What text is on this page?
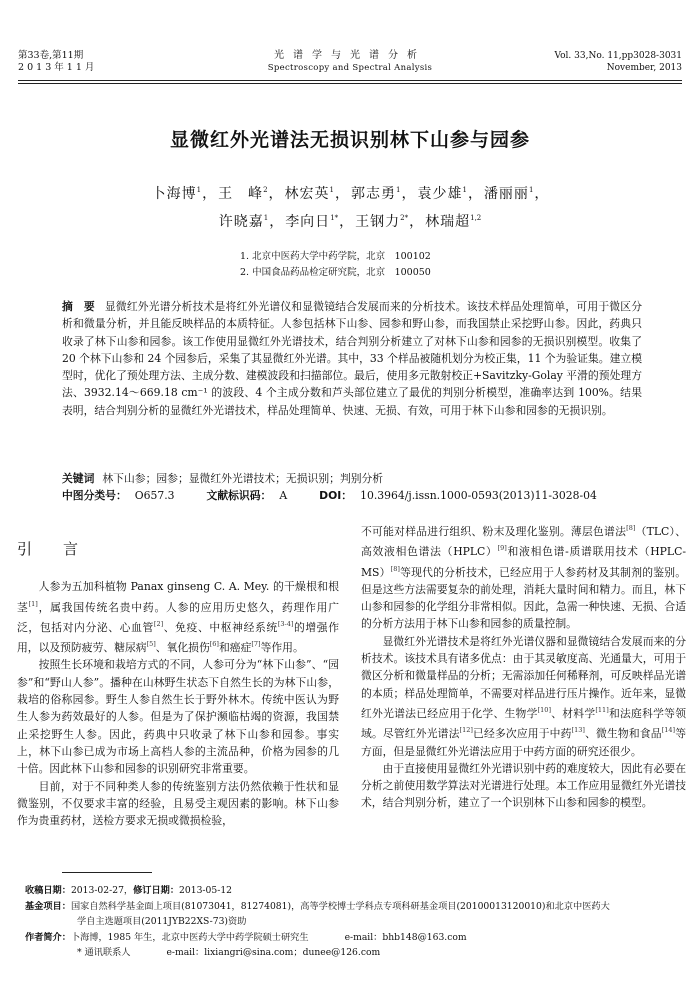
第33卷,第11期
2 0 1 3 年 1 1 月
光谱学与光谱分析
Spectroscopy and Spectral Analysis
Vol. 33,No. 11,pp3028-3031
November, 2013
显微红外光谱法无损识别林下山参与园参
卜海博$^1$，王　峰$^2$，林宏英$^1$，郭志勇$^1$，袁少雄$^1$，潘丽丽$^1$，
许晓嘉$^1$，李向日$^{1*}$，王钢力$^{2*}$，林瑞超$^{1,2}$
1. 北京中医药大学中药学院，北京　100102
2. 中国食品药品检定研究院，北京　100050
摘　要 显微红外光谱分析技术是将红外光谱仪和显微镜结合发展而来的分析技术。该技术样品处理简单，可用于微区分析和微量分析，并且能反映样品的本质特征。人参包括林下山参、园参和野山参，而我国禁止采挖野山参。因此，药典只收录了林下山参和园参。该工作使用显微红外光谱技术，结合判别分析建立了对林下山参和园参的无损识别模型。收集了 20 个林下山参和 24 个园参后，采集了其显微红外光谱。其中，33 个样品被随机划分为校正集，11 个为验证集。建立模型时，优化了预处理方法、主成分数、建模波段和扫描部位。最后，使用多元散射校正+Savitzky-Golay 平滑的预处理方法、3932.14～669.18 cm⁻¹ 的波段、4 个主成分数和芦头部位建立了最优的判别分析模型，准确率达到 100%。结果表明，结合判别分析的显微红外光谱技术，样品处理简单、快速、无损、有效，可用于林下山参和园参的无损识别。
关键词 林下山参；园参；显微红外光谱技术；无损识别；判别分析
中图分类号： O657.3	文献标识码： A	DOI： 10.3964/j.issn.1000-0593(2013)11-3028-04
引　言

人参为五加科植物 Panax ginseng C. A. Mey. 的干燥根和根茎[1]，属我国传统名贵中药。人参的应用历史悠久，药理作用广泛，包括对内分泌、心血管[2]、免疫、中枢神经系统[3-4]的增强作用，以及预防疲劳、糖尿病[5]、氧化损伤[6]和癌症[7]等作用。

按照生长环境和栽培方式的不同，人参可分为“林下山参”、“园参”和“野山人参”。播种在山林野生状态下自然生长的为林下山参，栽培的俗称园参。野生人参自然生长于野外林木。传统中医认为野生人参为药效最好的人参。但是为了保护濒临枯竭的资源，我国禁止采挖野生人参。因此，药典中只收录了林下山参和园参。事实上，林下山参已成为市场上高档人参的主流品种，价格为园参的几十倍。因此林下山参和园参的识别研究非常重要。

目前，对于不同种类人参的传统鉴别方法仍然依赖于性状和显微鉴别，不仅要求丰富的经验，且易受主观因素的影响。林下山参作为贵重药材，送检方要求无损或微损检验，

不可能对样品进行组织、粉末及理化鉴别。薄层色谱法[8]（TLC）、高效液相色谱法（HPLC）[9]和液相色谱-质谱联用技术（HPLC-MS）[8]等现代的分析技术，已经应用于人参药材及其制剂的鉴别。但是这些方法需要复杂的前处理，消耗大量时间和精力。而且，林下山参和园参的化学组分非常相似。因此，急需一种快速、无损、合适的分析方法用于林下山参和园参的质量控制。

显微红外光谱技术是将红外光谱仪器和显微镜结合发展而来的分析技术。该技术具有诸多优点：由于其灵敏度高、光通量大，可用于微区分析和微量样品的分析；无需添加任何稀释剂，可反映样品光谱的本质；样品处理简单，不需要对样品进行压片操作。近年来，显微红外光谱法已经应用于化学、生物学[10]、材料学[11]和法庭科学等领域。尽管红外光谱法[12]已经多次应用于中药[13]、微生物和食品[14]等方面，但是显微红外光谱法应用于中药方面的研究还很少。

由于直接使用显微红外光谱识别中药的难度较大，因此有必要在分析之前使用数学算法对光谱进行处理。本工作应用显微红外光谱技术，结合判别分析，建立了一个识别林下山参和园参的模型。

收稿日期：2013-02-27，修订日期：2013-05-12
基金项目：国家自然科学基金面上项目(81073041，81274081)，高等学校博士学科点专项科研基金项目(20100013120010)和北京中医药大
学自主选题项目(2011JYB22XS-73)资助
作者简介：卜海博，1985 年生，北京中医药大学中药学院硕士研究生	e-mail：bhb148@163.com
* 通讯联系人	e-mail：lixiangri@sina.com；dunee@126.com
